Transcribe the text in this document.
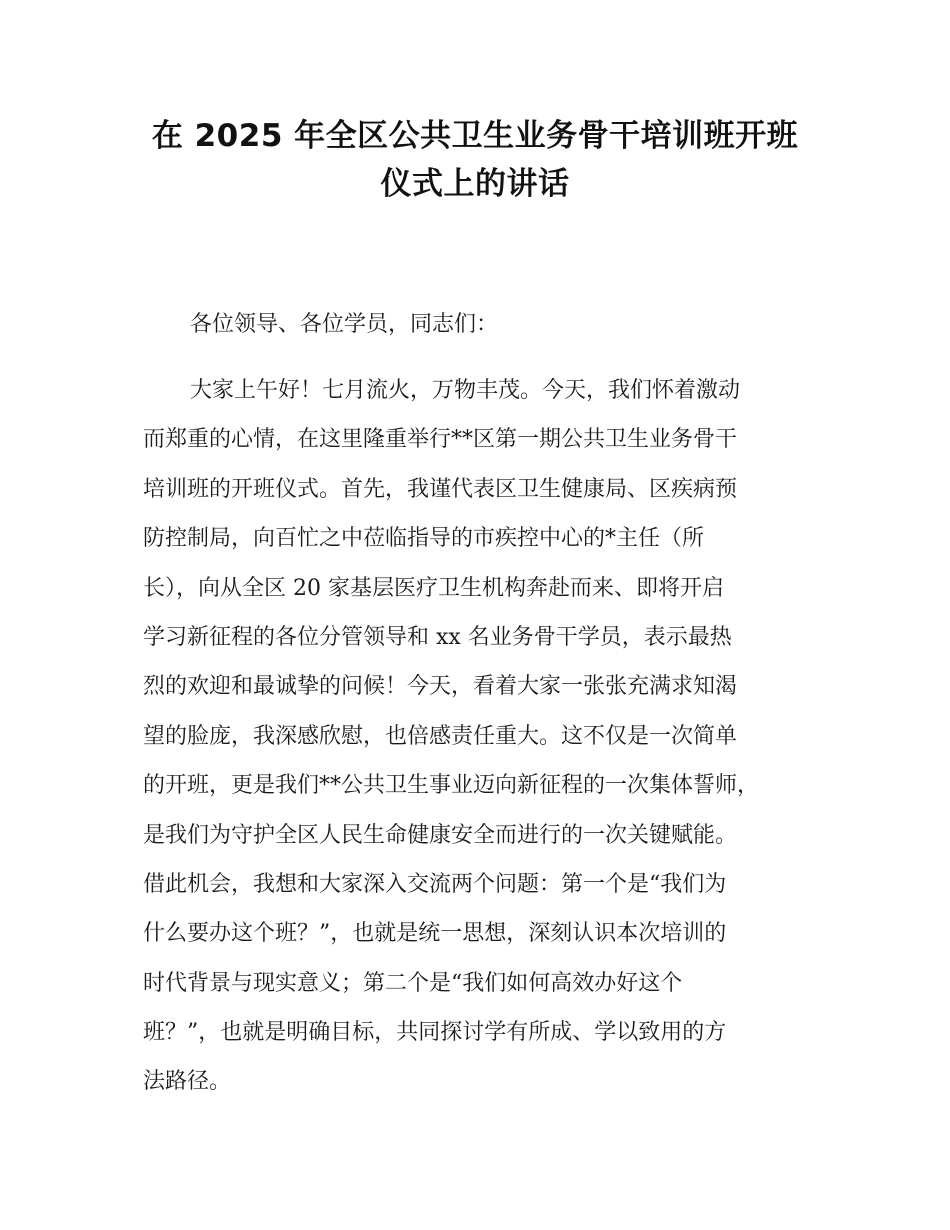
在 2025 年全区公共卫生业务骨干培训班开班
仪式上的讲话
各位领导、各位学员，同志们：
大家上午好！七月流火，万物丰茂。今天，我们怀着激动
而郑重的心情，在这里隆重举行**区第一期公共卫生业务骨干
培训班的开班仪式。首先，我谨代表区卫生健康局、区疾病预
防控制局，向百忙之中莅临指导的市疾控中心的*主任（所
长），向从全区 20 家基层医疗卫生机构奔赴而来、即将开启
学习新征程的各位分管领导和 xx 名业务骨干学员，表示最热
烈的欢迎和最诚挚的问候！今天，看着大家一张张充满求知渴
望的脸庞，我深感欣慰，也倍感责任重大。这不仅是一次简单
的开班，更是我们**公共卫生事业迈向新征程的一次集体誓师，
是我们为守护全区人民生命健康安全而进行的一次关键赋能。
借此机会，我想和大家深入交流两个问题：第一个是“我们为
什么要办这个班？”，也就是统一思想，深刻认识本次培训的
时代背景与现实意义；第二个是“我们如何高效办好这个
班？”，也就是明确目标，共同探讨学有所成、学以致用的方
法路径。
